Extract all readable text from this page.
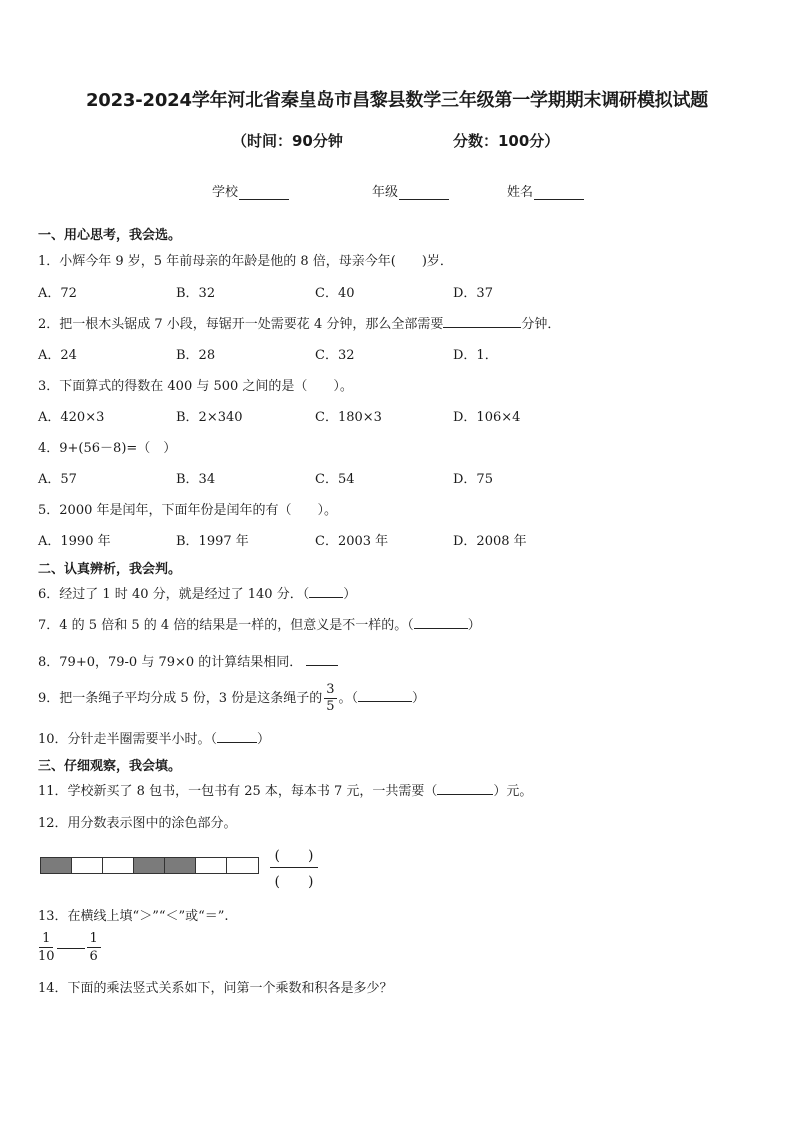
2023-2024学年河北省秦皇岛市昌黎县数学三年级第一学期期末调研模拟试题
（时间：90分钟	分数：100分）
学校	年级	姓名
一、用心思考，我会选。
1．小辉今年 9 岁，5 年前母亲的年龄是他的 8 倍，母亲今年(　　)岁．
A．72	B．32	C．40	D．37
2．把一根木头锯成 7 小段，每锯开一处需要花 4 分钟，那么全部需要	分钟．
A．24	B．28	C．32	D．1．
3．下面算式的得数在 400 与 500 之间的是（　　）。
A．420×3	B．2×340	C．180×3	D．106×4
4．9+(56－8)=（　）
A．57	B．34	C．54	D．75
5．2000 年是闰年，下面年份是闰年的有（　　）。
A．1990 年	B．1997 年	C．2003 年	D．2008 年
二、认真辨析，我会判。
6．经过了 1 时 40 分，就是经过了 140 分．（	）
7．4 的 5 倍和 5 的 4 倍的结果是一样的，但意义是不一样的。（	）
8．79+0，79-0 与 79×0 的计算结果相同．
9．把一条绳子平均分成 5 份，3 份是这条绳子的 $\frac{3}{5}$ 。（	）
10．分针走半圈需要半小时。（	）
三、仔细观察，我会填。
11．学校新买了 8 包书，一包书有 25 本，每本书 7 元，一共需要（	）元。
12．用分数表示图中的涂色部分。
(　　)
(　　)
13．在横线上填“＞”“＜”或“＝”.
$\frac{1}{10} \frac{1}{6}$
14．下面的乘法竖式关系如下，问第一个乘数和积各是多少？
